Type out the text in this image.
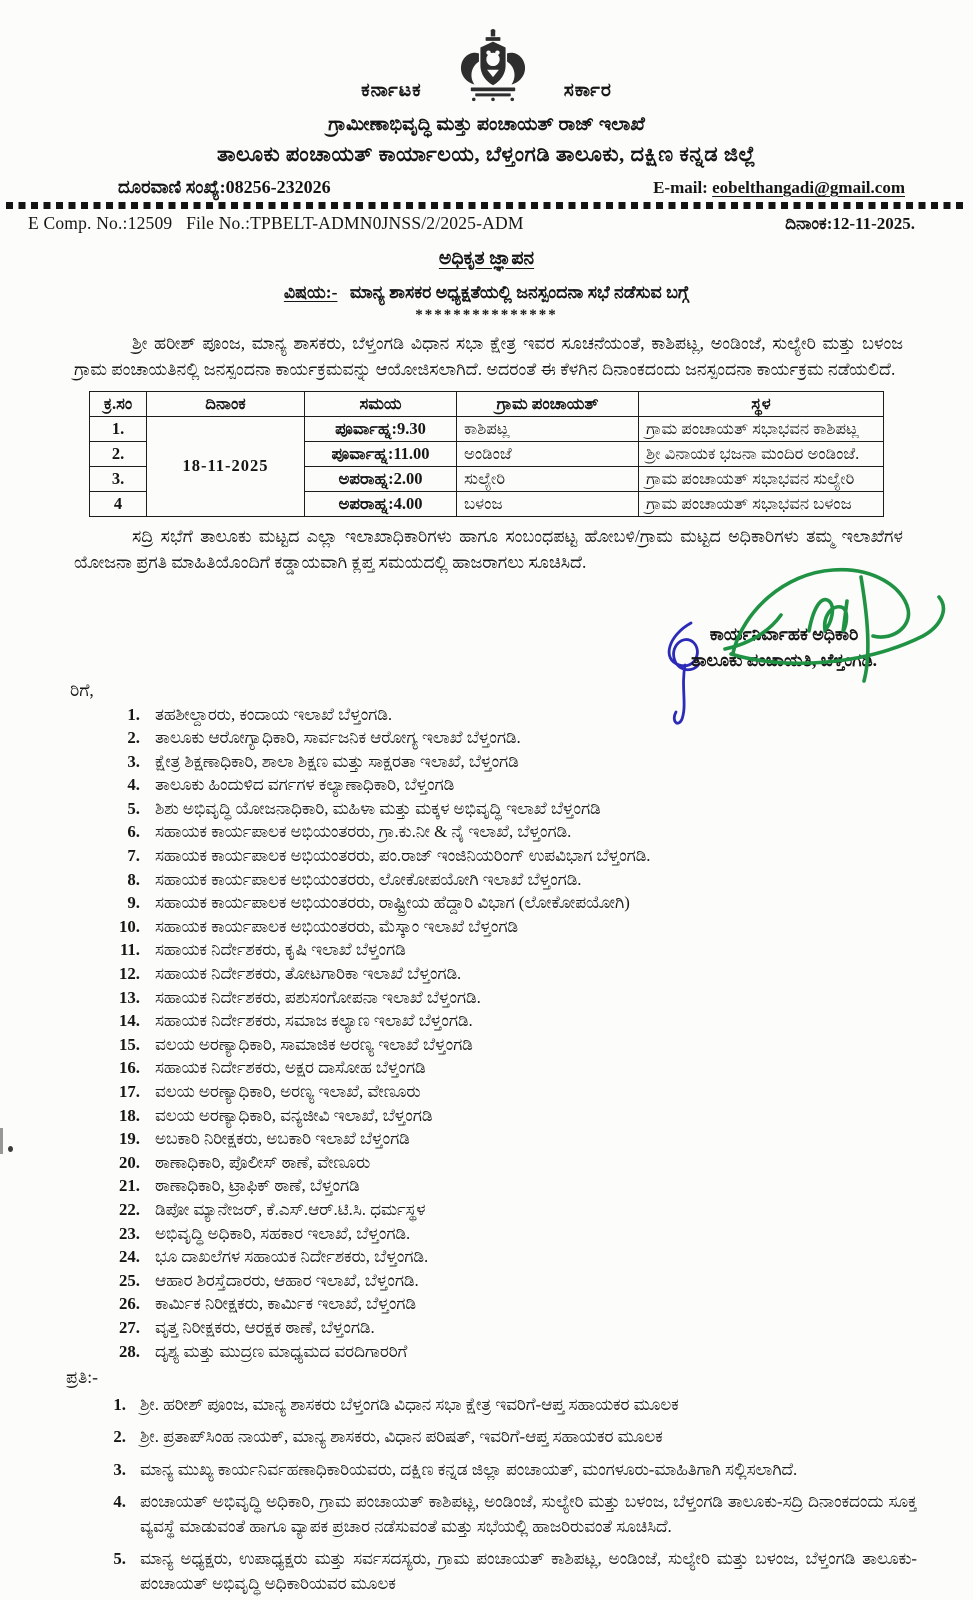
ಕರ್ನಾಟಕ	ಸರ್ಕಾರ
ಗ್ರಾಮೀಣಾಭಿವೃದ್ಧಿ ಮತ್ತು ಪಂಚಾಯತ್ ರಾಜ್ ಇಲಾಖೆ
ತಾಲೂಕು ಪಂಚಾಯತ್ ಕಾರ್ಯಾಲಯ, ಬೆಳ್ತಂಗಡಿ ತಾಲೂಕು, ದಕ್ಷಿಣ ಕನ್ನಡ ಜಿಲ್ಲೆ
ದೂರವಾಣಿ ಸಂಖ್ಯೆ:08256-232026	E-mail: eobelthangadi@gmail.com
E Comp. No.:12509 File No.:TPBELT-ADMN0JNSS/2/2025-ADM	ದಿನಾಂಕ:12-11-2025.
ಅಧಿಕೃತ ಜ್ಞಾಪನ
ವಿಷಯ:- ಮಾನ್ಯ ಶಾಸಕರ ಅಧ್ಯಕ್ಷತೆಯಲ್ಲಿ ಜನಸ್ಪಂದನಾ ಸಭೆ ನಡೆಸುವ ಬಗ್ಗೆ
***************

ಶ್ರೀ ಹರೀಶ್ ಪೂಂಜ, ಮಾನ್ಯ ಶಾಸಕರು, ಬೆಳ್ತಂಗಡಿ ವಿಧಾನ ಸಭಾ ಕ್ಷೇತ್ರ ಇವರ ಸೂಚನೆಯಂತೆ, ಕಾಶಿಪಟ್ಲ, ಅಂಡಿಂಜೆ, ಸುಲ್ಯೇರಿ ಮತ್ತು ಬಳಂಜ ಗ್ರಾಮ ಪಂಚಾಯತಿನಲ್ಲಿ ಜನಸ್ಪಂದನಾ ಕಾರ್ಯಕ್ರಮವನ್ನು ಆಯೋಜಿಸಲಾಗಿದೆ. ಅದರಂತೆ ಈ ಕೆಳಗಿನ ದಿನಾಂಕದಂದು ಜನಸ್ಪಂದನಾ ಕಾರ್ಯಕ್ರಮ ನಡೆಯಲಿದೆ.

ಕ್ರ.ಸಂ	ದಿನಾಂಕ	ಸಮಯ	ಗ್ರಾಮ ಪಂಚಾಯತ್	ಸ್ಥಳ
1.	18-11-2025	ಪೂರ್ವಾಹ್ನ:9.30	ಕಾಶಿಪಟ್ಲ	ಗ್ರಾಮ ಪಂಚಾಯತ್ ಸಭಾಭವನ ಕಾಶಿಪಟ್ಲ
2.		ಪೂರ್ವಾಹ್ನ:11.00	ಅಂಡಿಂಜೆ	ಶ್ರೀ ವಿನಾಯಕ ಭಜನಾ ಮಂದಿರ ಅಂಡಿಂಜೆ.
3.		ಅಪರಾಹ್ನ:2.00	ಸುಲ್ಯೇರಿ	ಗ್ರಾಮ ಪಂಚಾಯತ್ ಸಭಾಭವನ ಸುಲ್ಯೇರಿ
4		ಅಪರಾಹ್ನ:4.00	ಬಳಂಜ	ಗ್ರಾಮ ಪಂಚಾಯತ್ ಸಭಾಭವನ ಬಳಂಜ

ಸದ್ರಿ ಸಭೆಗೆ ತಾಲೂಕು ಮಟ್ಟದ ಎಲ್ಲಾ ಇಲಾಖಾಧಿಕಾರಿಗಳು ಹಾಗೂ ಸಂಬಂಧಪಟ್ಟ ಹೋಬಳಿ/ಗ್ರಾಮ ಮಟ್ಟದ ಅಧಿಕಾರಿಗಳು ತಮ್ಮ ಇಲಾಖೆಗಳ ಯೋಜನಾ ಪ್ರಗತಿ ಮಾಹಿತಿಯೊಂದಿಗೆ ಕಡ್ಡಾಯವಾಗಿ ಕ್ಲಪ್ತ ಸಮಯದಲ್ಲಿ ಹಾಜರಾಗಲು ಸೂಚಿಸಿದೆ.

ಕಾರ್ಯನಿರ್ವಾಹಕ ಅಧಿಕಾರಿ
ತಾಲೂಕು ಪಂಚಾಯತಿ, ಬೆಳ್ತಂಗಡಿ.
ರಿಗೆ,
1. ತಹಶೀಲ್ದಾರರು, ಕಂದಾಯ ಇಲಾಖೆ ಬೆಳ್ತಂಗಡಿ.
2. ತಾಲೂಕು ಆರೋಗ್ಯಾಧಿಕಾರಿ, ಸಾರ್ವಜನಿಕ ಆರೋಗ್ಯ ಇಲಾಖೆ ಬೆಳ್ತಂಗಡಿ.
3. ಕ್ಷೇತ್ರ ಶಿಕ್ಷಣಾಧಿಕಾರಿ, ಶಾಲಾ ಶಿಕ್ಷಣ ಮತ್ತು ಸಾಕ್ಷರತಾ ಇಲಾಖೆ, ಬೆಳ್ತಂಗಡಿ
4. ತಾಲೂಕು ಹಿಂದುಳಿದ ವರ್ಗಗಳ ಕಲ್ಯಾಣಾಧಿಕಾರಿ, ಬೆಳ್ತಂಗಡಿ
5. ಶಿಶು ಅಭಿವೃದ್ಧಿ ಯೋಜನಾಧಿಕಾರಿ, ಮಹಿಳಾ ಮತ್ತು ಮಕ್ಕಳ ಅಭಿವೃದ್ಧಿ ಇಲಾಖೆ ಬೆಳ್ತಂಗಡಿ
6. ಸಹಾಯಕ ಕಾರ್ಯಪಾಲಕ ಅಭಿಯಂತರರು, ಗ್ರಾ.ಕು.ನೀ & ನೈ ಇಲಾಖೆ, ಬೆಳ್ತಂಗಡಿ.
7. ಸಹಾಯಕ ಕಾರ್ಯಪಾಲಕ ಅಭಿಯಂತರರು, ಪಂ.ರಾಜ್ ಇಂಜಿನಿಯರಿಂಗ್ ಉಪವಿಭಾಗ ಬೆಳ್ತಂಗಡಿ.
8. ಸಹಾಯಕ ಕಾರ್ಯಪಾಲಕ ಅಭಿಯಂತರರು, ಲೋಕೋಪಯೋಗಿ ಇಲಾಖೆ ಬೆಳ್ತಂಗಡಿ.
9. ಸಹಾಯಕ ಕಾರ್ಯಪಾಲಕ ಅಭಿಯಂತರರು, ರಾಷ್ಟ್ರೀಯ ಹೆದ್ದಾರಿ ವಿಭಾಗ (ಲೋಕೋಪಯೋಗಿ)
10. ಸಹಾಯಕ ಕಾರ್ಯಪಾಲಕ ಅಭಿಯಂತರರು, ಮೆಸ್ಕಾಂ ಇಲಾಖೆ ಬೆಳ್ತಂಗಡಿ
11. ಸಹಾಯಕ ನಿರ್ದೇಶಕರು, ಕೃಷಿ ಇಲಾಖೆ ಬೆಳ್ತಂಗಡಿ
12. ಸಹಾಯಕ ನಿರ್ದೇಶಕರು, ತೋಟಗಾರಿಕಾ ಇಲಾಖೆ ಬೆಳ್ತಂಗಡಿ.
13. ಸಹಾಯಕ ನಿರ್ದೇಶಕರು, ಪಶುಸಂಗೋಪನಾ ಇಲಾಖೆ ಬೆಳ್ತಂಗಡಿ.
14. ಸಹಾಯಕ ನಿರ್ದೇಶಕರು, ಸಮಾಜ ಕಲ್ಯಾಣ ಇಲಾಖೆ ಬೆಳ್ತಂಗಡಿ.
15. ವಲಯ ಅರಣ್ಯಾಧಿಕಾರಿ, ಸಾಮಾಜಿಕ ಅರಣ್ಯ ಇಲಾಖೆ ಬೆಳ್ತಂಗಡಿ
16. ಸಹಾಯಕ ನಿರ್ದೇಶಕರು, ಅಕ್ಷರ ದಾಸೋಹ ಬೆಳ್ತಂಗಡಿ
17. ವಲಯ ಅರಣ್ಯಾಧಿಕಾರಿ, ಅರಣ್ಯ ಇಲಾಖೆ, ವೇಣೂರು
18. ವಲಯ ಅರಣ್ಯಾಧಿಕಾರಿ, ವನ್ಯಜೀವಿ ಇಲಾಖೆ, ಬೆಳ್ತಂಗಡಿ
19. ಅಬಕಾರಿ ನಿರೀಕ್ಷಕರು, ಅಬಕಾರಿ ಇಲಾಖೆ ಬೆಳ್ತಂಗಡಿ
20. ಠಾಣಾಧಿಕಾರಿ, ಪೊಲೀಸ್ ಠಾಣೆ, ವೇಣೂರು
21. ಠಾಣಾಧಿಕಾರಿ, ಟ್ರಾಫಿಕ್ ಠಾಣೆ, ಬೆಳ್ತಂಗಡಿ
22. ಡಿಪೋ ಮ್ಯಾನೇಜರ್, ಕೆ.ಎಸ್.ಆರ್.ಟಿ.ಸಿ. ಧರ್ಮಸ್ಥಳ
23. ಅಭಿವೃದ್ಧಿ ಅಧಿಕಾರಿ, ಸಹಕಾರ ಇಲಾಖೆ, ಬೆಳ್ತಂಗಡಿ.
24. ಭೂ ದಾಖಲೆಗಳ ಸಹಾಯಕ ನಿರ್ದೇಶಕರು, ಬೆಳ್ತಂಗಡಿ.
25. ಆಹಾರ ಶಿರಸ್ತೆದಾರರು, ಆಹಾರ ಇಲಾಖೆ, ಬೆಳ್ತಂಗಡಿ.
26. ಕಾರ್ಮಿಕ ನಿರೀಕ್ಷಕರು, ಕಾರ್ಮಿಕ ಇಲಾಖೆ, ಬೆಳ್ತಂಗಡಿ
27. ವೃತ್ತ ನಿರೀಕ್ಷಕರು, ಆರಕ್ಷಕ ಠಾಣೆ, ಬೆಳ್ತಂಗಡಿ.
28. ದೃಶ್ಯ ಮತ್ತು ಮುದ್ರಣ ಮಾಧ್ಯಮದ ವರದಿಗಾರರಿಗೆ
ಪ್ರತಿ:-
1. ಶ್ರೀ. ಹರೀಶ್ ಪೂಂಜ, ಮಾನ್ಯ ಶಾಸಕರು ಬೆಳ್ತಂಗಡಿ ವಿಧಾನ ಸಭಾ ಕ್ಷೇತ್ರ ಇವರಿಗೆ-ಆಪ್ತ ಸಹಾಯಕರ ಮೂಲಕ
2. ಶ್ರೀ. ಪ್ರತಾಪ್‌ಸಿಂಹ ನಾಯಕ್, ಮಾನ್ಯ ಶಾಸಕರು, ವಿಧಾನ ಪರಿಷತ್, ಇವರಿಗೆ-ಆಪ್ತ ಸಹಾಯಕರ ಮೂಲಕ
3. ಮಾನ್ಯ ಮುಖ್ಯ ಕಾರ್ಯನಿರ್ವಹಣಾಧಿಕಾರಿಯವರು, ದಕ್ಷಿಣ ಕನ್ನಡ ಜಿಲ್ಲಾ ಪಂಚಾಯತ್, ಮಂಗಳೂರು-ಮಾಹಿತಿಗಾಗಿ ಸಲ್ಲಿಸಲಾಗಿದೆ.
4. ಪಂಚಾಯತ್ ಅಭಿವೃದ್ಧಿ ಅಧಿಕಾರಿ, ಗ್ರಾಮ ಪಂಚಾಯತ್ ಕಾಶಿಪಟ್ಲ, ಅಂಡಿಂಜೆ, ಸುಲ್ಯೇರಿ ಮತ್ತು ಬಳಂಜ, ಬೆಳ್ತಂಗಡಿ ತಾಲೂಕು-ಸದ್ರಿ ದಿನಾಂಕದಂದು ಸೂಕ್ತ ವ್ಯವಸ್ಥೆ ಮಾಡುವಂತೆ ಹಾಗೂ ವ್ಯಾಪಕ ಪ್ರಚಾರ ನಡೆಸುವಂತೆ ಮತ್ತು ಸಭೆಯಲ್ಲಿ ಹಾಜರಿರುವಂತೆ ಸೂಚಿಸಿದೆ.
5. ಮಾನ್ಯ ಅಧ್ಯಕ್ಷರು, ಉಪಾಧ್ಯಕ್ಷರು ಮತ್ತು ಸರ್ವಸದಸ್ಯರು, ಗ್ರಾಮ ಪಂಚಾಯತ್ ಕಾಶಿಪಟ್ಲ, ಅಂಡಿಂಜೆ, ಸುಲ್ಯೇರಿ ಮತ್ತು ಬಳಂಜ, ಬೆಳ್ತಂಗಡಿ ತಾಲೂಕು-ಪಂಚಾಯತ್ ಅಭಿವೃದ್ಧಿ ಅಧಿಕಾರಿಯವರ ಮೂಲಕ
